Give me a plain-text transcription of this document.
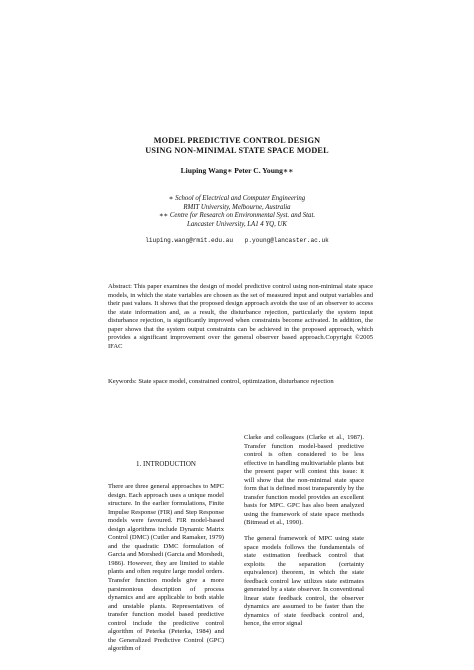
MODEL PREDICTIVE CONTROL DESIGN
USING NON-MINIMAL STATE SPACE MODEL
Liuping Wang∗ Peter C. Young∗∗
∗ School of Electrical and Computer Engineering
RMIT University, Melbourne, Australia
∗∗ Centre for Research on Environmental Syst. and Stat.
Lancaster University, LA1 4 YQ, UK
liuping.wang@rmit.edu.au p.young@lancaster.ac.uk

Abstract: This paper examines the design of model predictive control using non-minimal state space models, in which the state variables are chosen as the set of measured input and output variables and their past values. It shows that the proposed design approach avoids the use of an observer to access the state information and, as a result, the disturbance rejection, particularly the system input disturbance rejection, is significantly improved when constraints become activated. In addition, the paper shows that the system output constraints can be achieved in the proposed approach, which provides a significant improvement over the general observer based approach.Copyright ©2005 IFAC

Keywords: State space model, constrained control, optimization, disturbance rejection

1. INTRODUCTION

There are three general approaches to MPC design. Each approach uses a unique model structure. In the earlier formulations, Finite Impulse Response (FIR) and Step Response models were favoured. FIR model-based design algorithms include Dynamic Matrix Control (DMC) (Cutler and Ramaker, 1979) and the quadratic DMC formulation of Garcia and Morshedi (Garcia and Morshedi, 1986). However, they are limited to stable plants and often require large model orders. Transfer function models give a more parsimonious description of process dynamics and are applicable to both stable and unstable plants. Representatives of transfer function model based predictive control include the predictive control algorithm of Peterka (Peterka, 1984) and the Generalized Predictive Control (GPC) algorithm of

Clarke and colleagues (Clarke et al., 1987). Transfer function model-based predictive control is often considered to be less effective in handling multivariable plants but the present paper will contest this issue: it will show that the non-minimal state space form that is defined most transparently by the transfer function model provides an excellent basis for MPC. GPC has also been analyzed using the framework of state space methods (Bitmead et al., 1990).

The general framework of MPC using state space models follows the fundamentals of state estimation feedback control that exploits the separation (certainty equivalence) theorem, in which the state feedback control law utilizes state estimates generated by a state observer. In conventional linear state feedback control, the observer dynamics are assumed to be faster than the dynamics of state feedback control and, hence, the error signal
